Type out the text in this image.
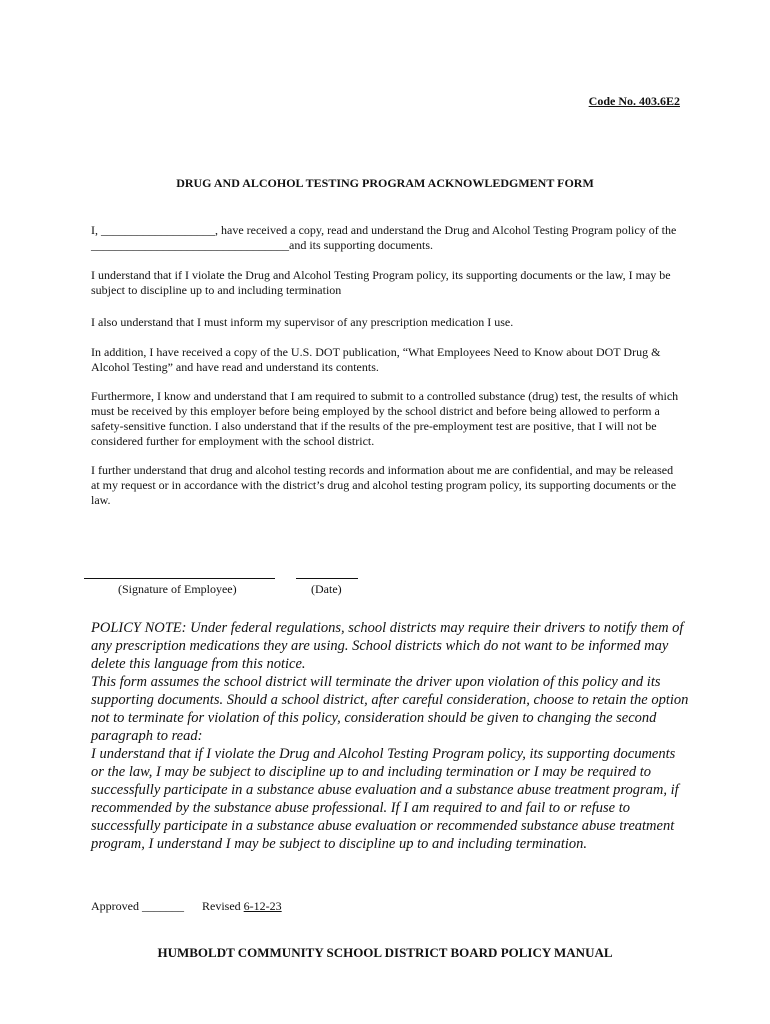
Code No. 403.6E2
DRUG AND ALCOHOL TESTING PROGRAM ACKNOWLEDGMENT FORM

I, ___________________, have received a copy, read and understand the Drug and Alcohol Testing Program policy of the _________________________________and its supporting documents.

I understand that if I violate the Drug and Alcohol Testing Program policy, its supporting documents or the law, I may be subject to discipline up to and including termination

I also understand that I must inform my supervisor of any prescription medication I use.

In addition, I have received a copy of the U.S. DOT publication, “What Employees Need to Know about DOT Drug & Alcohol Testing” and have read and understand its contents.

Furthermore, I know and understand that I am required to submit to a controlled substance (drug) test, the results of which must be received by this employer before being employed by the school district and before being allowed to perform a safety-sensitive function. I also understand that if the results of the pre-employment test are positive, that I will not be considered further for employment with the school district.

I further understand that drug and alcohol testing records and information about me are confidential, and may be released at my request or in accordance with the district’s drug and alcohol testing program policy, its supporting documents or the law.

(Signature of Employee)	(Date)
POLICY NOTE: Under federal regulations, school districts may require their drivers to notify them of any prescription medications they are using. School districts which do not want to be informed may delete this language from this notice.
This form assumes the school district will terminate the driver upon violation of this policy and its supporting documents. Should a school district, after careful consideration, choose to retain the option not to terminate for violation of this policy, consideration should be given to changing the second paragraph to read:
I understand that if I violate the Drug and Alcohol Testing Program policy, its supporting documents or the law, I may be subject to discipline up to and including termination or I may be required to successfully participate in a substance abuse evaluation and a substance abuse treatment program, if recommended by the substance abuse professional. If I am required to and fail to or refuse to successfully participate in a substance abuse evaluation or recommended substance abuse treatment program, I understand I may be subject to discipline up to and including termination.
Approved _______ Revised 6-12-23
HUMBOLDT COMMUNITY SCHOOL DISTRICT BOARD POLICY MANUAL
